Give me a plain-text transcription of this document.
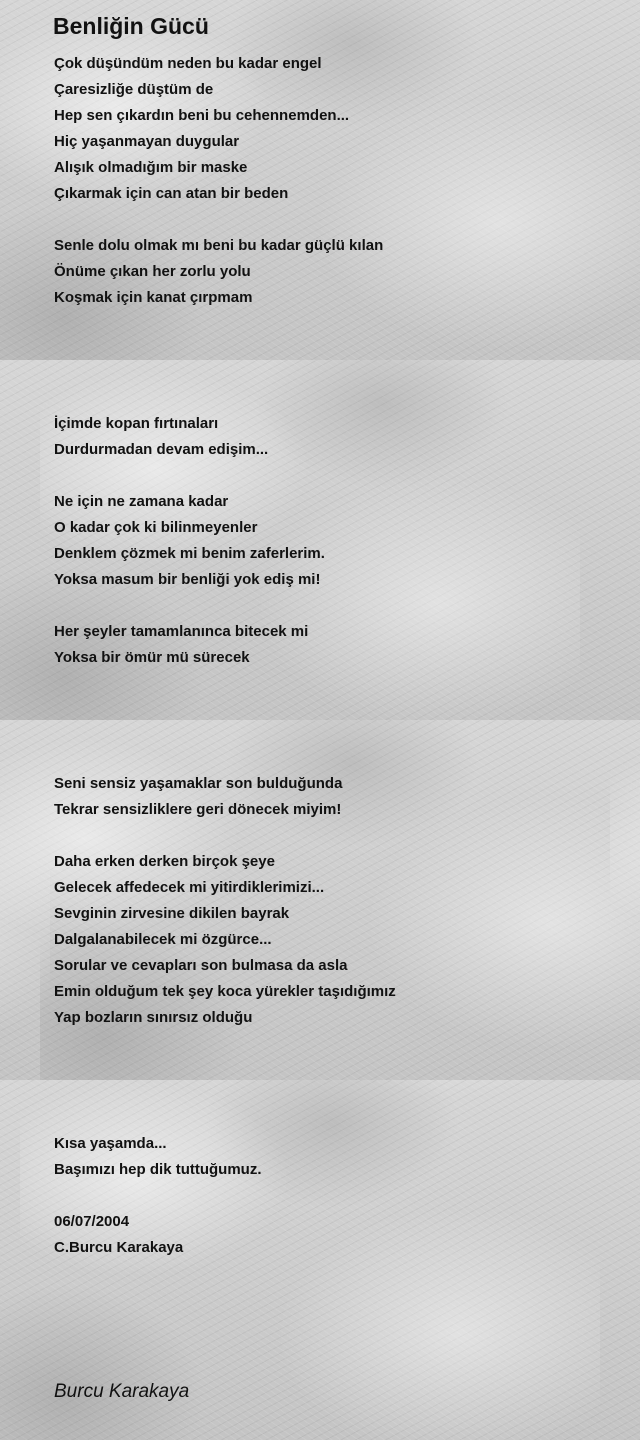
Benliğin Gücü
Çok düşündüm neden bu kadar engel
Çaresizliğe düştüm de
Hep sen çıkardın beni bu cehennemden...
Hiç yaşanmayan duygular
Alışık olmadığım bir maske
Çıkarmak için can atan bir beden
Senle dolu olmak mı beni bu kadar güçlü kılan
Önüme çıkan her zorlu yolu
Koşmak için kanat çırpmam
İçimde kopan fırtınaları
Durdurmadan devam edişim...
Ne için ne zamana kadar
O kadar çok ki bilinmeyenler
Denklem çözmek mi benim zaferlerim.
Yoksa masum bir benliği yok ediş mi!
Her şeyler tamamlanınca bitecek mi
Yoksa bir ömür mü sürecek
Seni sensiz yaşamaklar son bulduğunda
Tekrar sensizliklere geri dönecek miyim!
Daha erken derken birçok şeye
Gelecek affedecek mi yitirdiklerimizi...
Sevginin zirvesine dikilen bayrak
Dalgalanabilecek mi özgürce...
Sorular ve cevapları son bulmasa da asla
Emin olduğum tek şey koca yürekler taşıdığımız
Yap bozların sınırsız olduğu
Kısa yaşamda...
Başımızı hep dik tuttuğumuz.
06/07/2004
C.Burcu Karakaya
Burcu Karakaya
